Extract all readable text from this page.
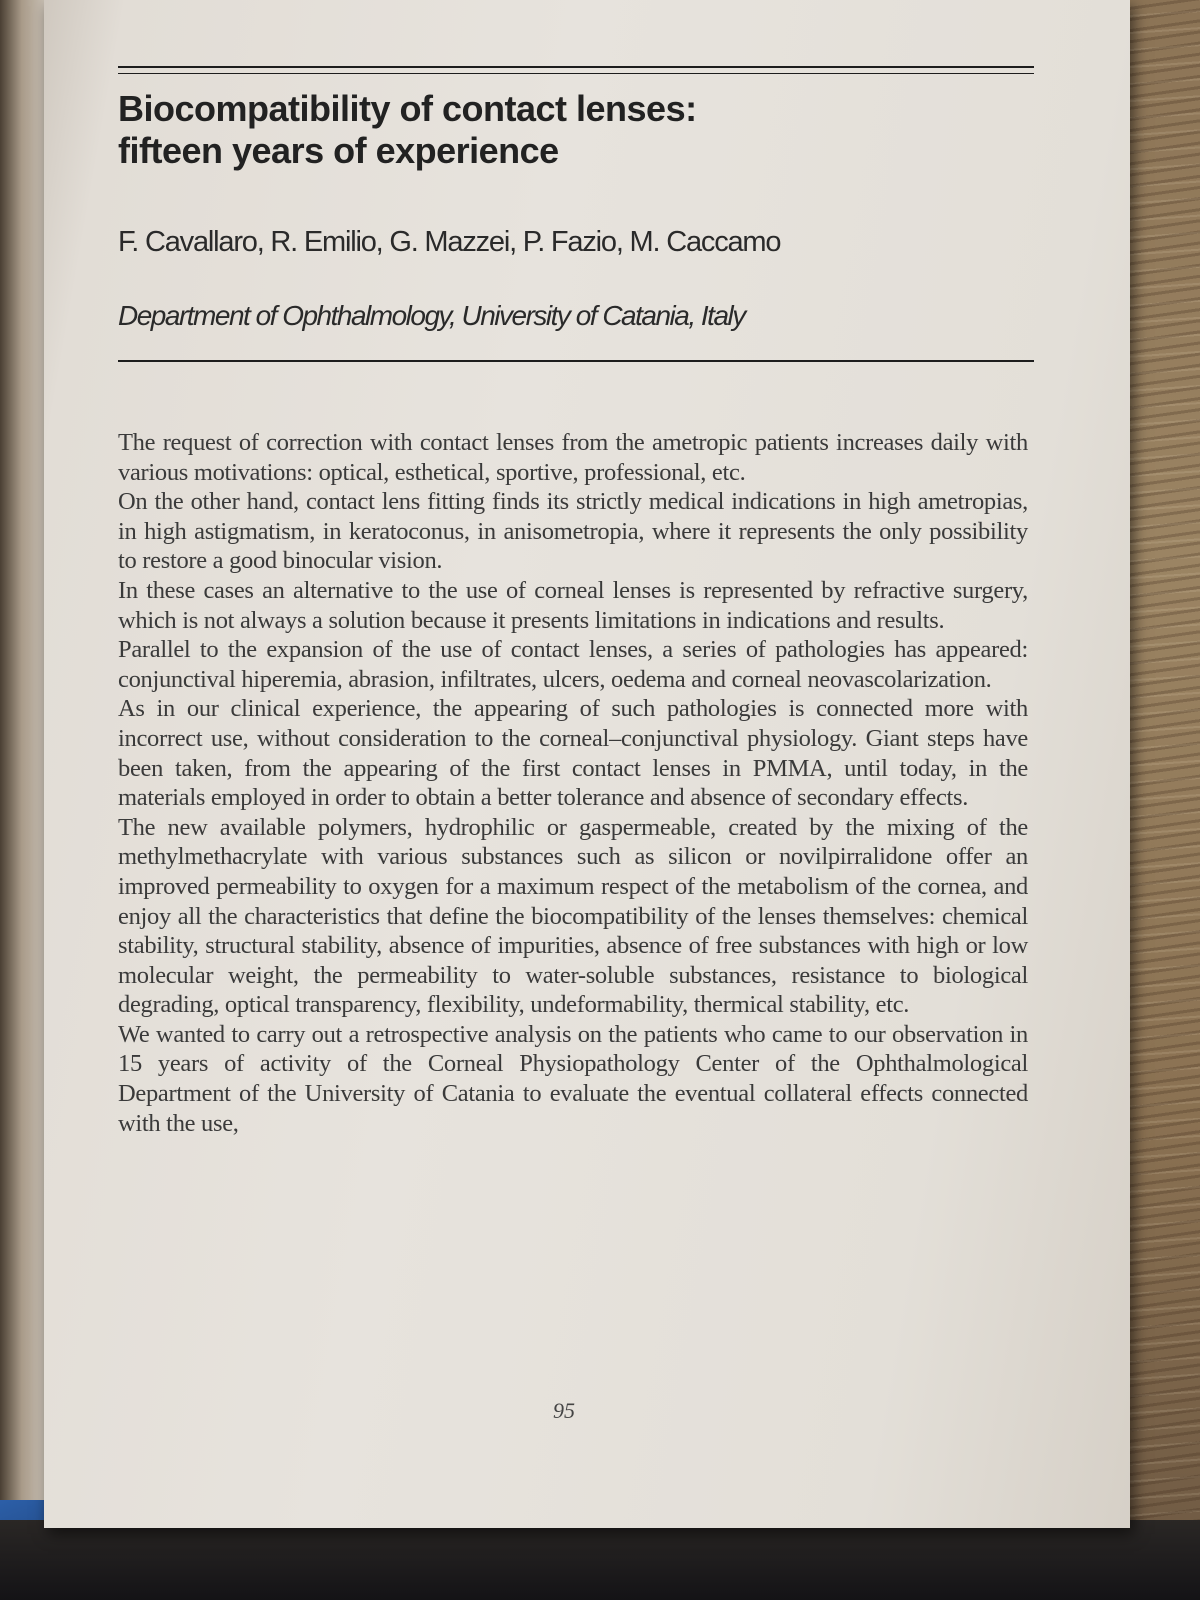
Biocompatibility of contact lenses:
fifteen years of experience
F. Cavallaro, R. Emilio, G. Mazzei, P. Fazio, M. Caccamo
Department of Ophthalmology, University of Catania, Italy

The request of correction with contact lenses from the ametropic patients increases daily with various motivations: optical, esthetical, sportive, professional, etc.

On the other hand, contact lens fitting finds its strictly medical indications in high ametropias, in high astigmatism, in keratoconus, in anisometropia, where it represents the only possibility to restore a good binocular vision.

In these cases an alternative to the use of corneal lenses is represented by refractive surgery, which is not always a solution because it presents limitations in indications and results.

Parallel to the expansion of the use of contact lenses, a series of pathologies has appeared: conjunctival hiperemia, abrasion, infiltrates, ulcers, oedema and corneal neovascolarization.

As in our clinical experience, the appearing of such pathologies is connected more with incorrect use, without consideration to the corneal–conjunctival physiology. Giant steps have been taken, from the appearing of the first contact lenses in PMMA, until today, in the materials employed in order to obtain a better tolerance and absence of secondary effects.

The new available polymers, hydrophilic or gaspermeable, created by the mixing of the methylmethacrylate with various substances such as silicon or novilpirralidone offer an improved permeability to oxygen for a maximum respect of the metabolism of the cornea, and enjoy all the characteristics that define the biocompatibility of the lenses themselves: chemical stability, structural stability, absence of impurities, absence of free substances with high or low molecular weight, the permeability to water-soluble substances, resistance to biological degrading, optical transparency, flexibility, undeformability, thermical stability, etc.

We wanted to carry out a retrospective analysis on the patients who came to our observation in 15 years of activity of the Corneal Physiopathology Center of the Ophthalmological Department of the University of Catania to evaluate the eventual collateral effects connected with the use,

95
